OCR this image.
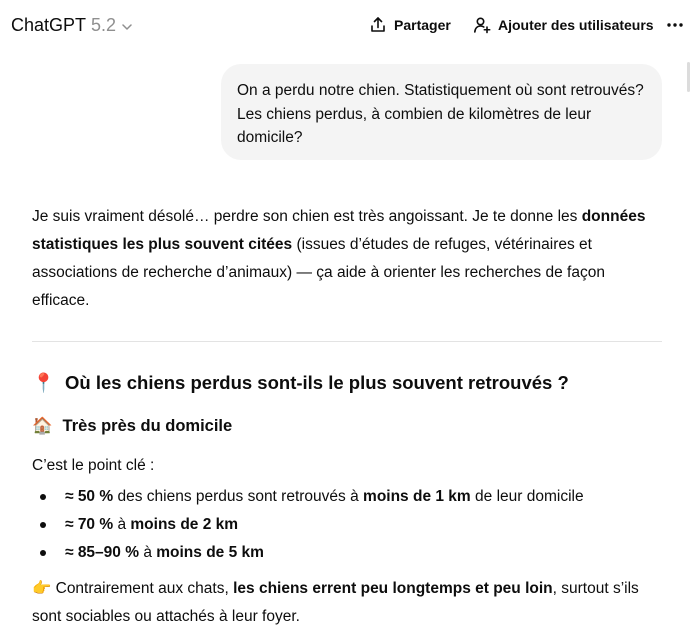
ChatGPT 5.2	Partager	Ajouter des utilisateurs
On a perdu notre chien. Statistiquement où sont retrouvés? Les chiens perdus, à combien de kilomètres de leur domicile?

Je suis vraiment désolé… perdre son chien est très angoissant. Je te donne les données statistiques les plus souvent citées (issues d’études de refuges, vétérinaires et associations de recherche d’animaux) — ça aide à orienter les recherches de façon efficace.

📍 Où les chiens perdus sont-ils le plus souvent retrouvés ?
🏠 Très près du domicile

C’est le point clé :

≈ 50 % des chiens perdus sont retrouvés à moins de 1 km de leur domicile
≈ 70 % à moins de 2 km
≈ 85–90 % à moins de 5 km

👉 Contrairement aux chats, les chiens errent peu longtemps et peu loin, surtout s’ils sont sociables ou attachés à leur foyer.
